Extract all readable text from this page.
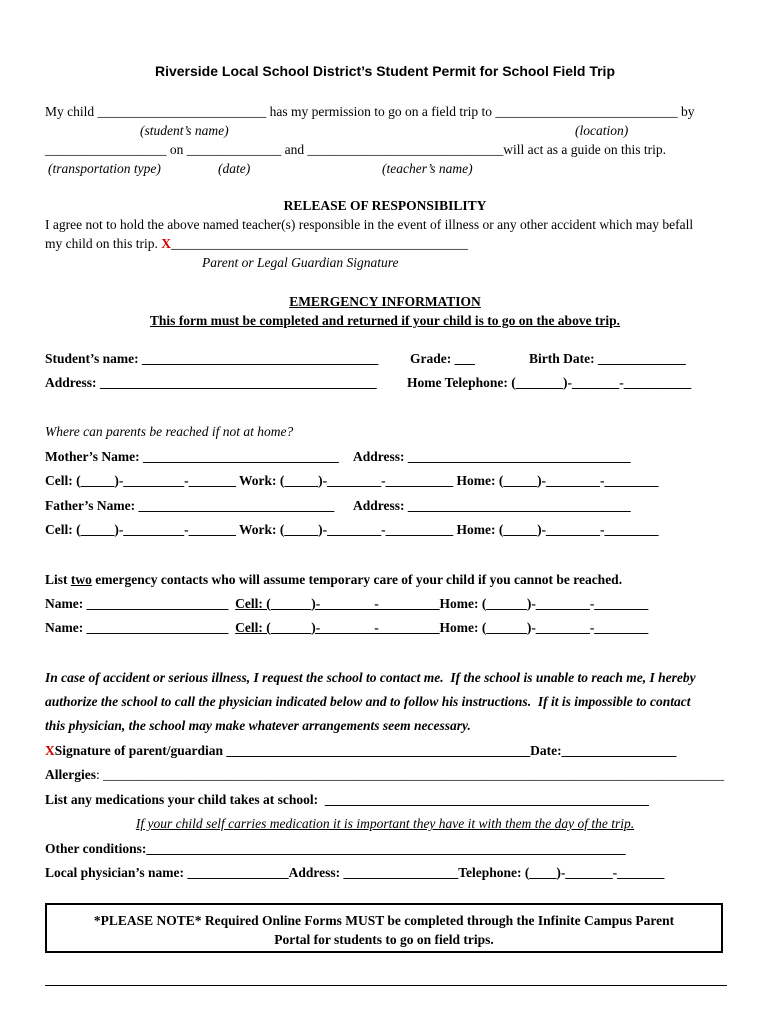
Riverside Local School District’s Student Permit for School Field Trip
My child _________________________ has my permission to go on a field trip to ___________________________ by
(student’s name)	(location)
__________________ on ______________ and _____________________________will act as a guide on this trip.
(transportation type)	(date)	(teacher’s name)
RELEASE OF RESPONSIBILITY
I agree not to hold the above named teacher(s) responsible in the event of illness or any other accident which may befall
my child on this trip. X____________________________________________
Parent or Legal Guardian Signature
EMERGENCY INFORMATION
This form must be completed and returned if your child is to go on the above trip.
Student’s name: ___________________________________ Grade: ___	Birth Date: _____________
Address: _________________________________________ Home Telephone: (_______)-_______-__________
Where can parents be reached if not at home?
Mother’s Name: _____________________________ Address: _________________________________
Cell: (_____)-_________-_______ Work: (_____)-________-__________ Home: (_____)-________-________
Father’s Name: _____________________________ Address: _________________________________
Cell: (_____)-_________-_______ Work: (_____)-________-__________ Home: (_____)-________-________
List two emergency contacts who will assume temporary care of your child if you cannot be reached.
Name: _____________________  Cell: (______)-________-_________Home: (______)-________-________
Name: _____________________  Cell: (______)-________-_________Home: (______)-________-________
In case of accident or serious illness, I request the school to contact me.  If the school is unable to reach me, I hereby
authorize the school to call the physician indicated below and to follow his instructions.  If it is impossible to contact
this physician, the school may make whatever arrangements seem necessary.
XSignature of parent/guardian _____________________________________________Date:_________________
Allergies: ____________________________________________________________________________________________
List any medications your child takes at school:  ________________________________________________
If your child self carries medication it is important they have it with them the day of the trip.
Other conditions:_______________________________________________________________________
Local physician’s name: _______________Address: _________________Telephone: (____)-_______-_______
*PLEASE NOTE* Required Online Forms MUST be completed through the Infinite Campus Parent Portal for students to go on field trips.
